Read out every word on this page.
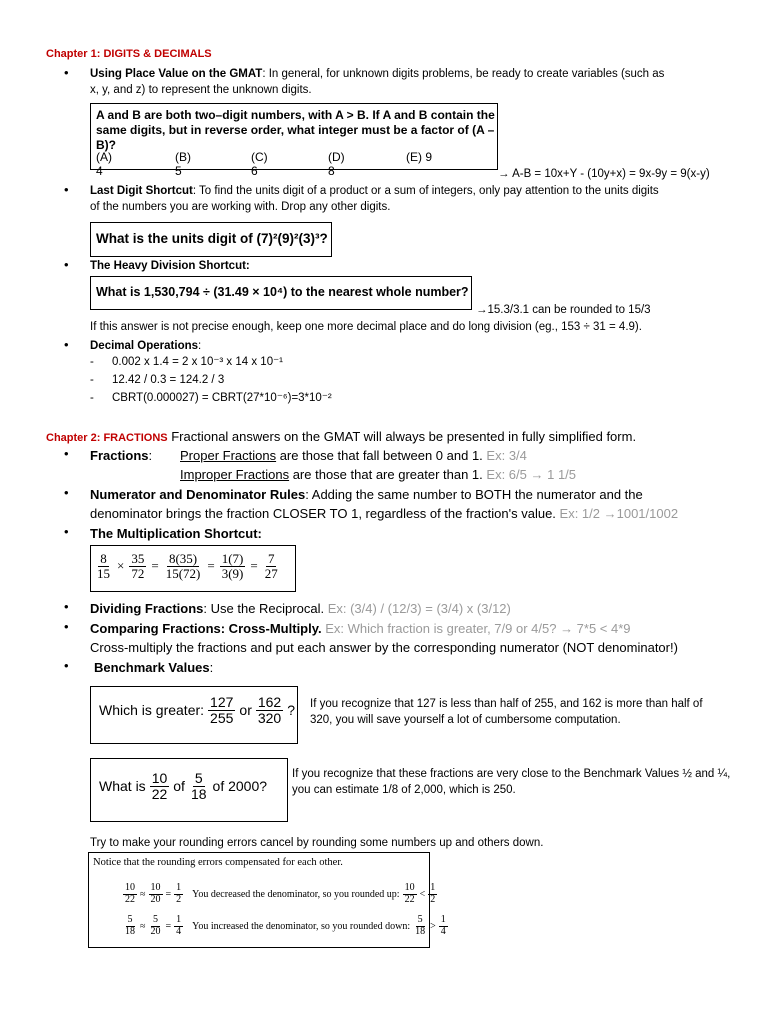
Chapter 1: DIGITS & DECIMALS
• Using Place Value on the GMAT: In general, for unknown digits problems, be ready to create variables (such as
x, y, and z) to represent the unknown digits.
A and B are both two–digit numbers, with A > B. If A and B contain the
same digits, but in reverse order, what integer must be a factor of (A – B)?
(A) 4
(B) 5
(C) 6
(D) 8
(E) 9
→ A-B = 10x+Y - (10y+x) = 9x-9y = 9(x-y)
• Last Digit Shortcut: To find the units digit of a product or a sum of integers, only pay attention to the units digits
of the numbers you are working with. Drop any other digits.
What is the units digit of (7)²(9)²(3)³?
• The Heavy Division Shortcut:
What is 1,530,794 ÷ (31.49 × 10⁴) to the nearest whole number?
→15.3/3.1 can be rounded to 15/3
If this answer is not precise enough, keep one more decimal place and do long division (eg., 153 ÷ 31 = 4.9).
• Decimal Operations:
- 0.002 x 1.4 = 2 x 10⁻³ x 14 x 10⁻¹
- 12.42 / 0.3 = 124.2 / 3
- CBRT(0.000027) = CBRT(27*10⁻⁶)=3*10⁻²
Chapter 2: FRACTIONS Fractional answers on the GMAT will always be presented in fully simplified form.
• Fractions: Proper Fractions are those that fall between 0 and 1. Ex: 3/4
Improper Fractions are those that are greater than 1. Ex: 6/5 → 1 1/5
• Numerator and Denominator Rules: Adding the same number to BOTH the numerator and the
denominator brings the fraction CLOSER TO 1, regardless of the fraction's value. Ex: 1/2 →1001/1002
• The Multiplication Shortcut:
$\frac{8}{15} \times \frac{35}{72} = \frac{8(35)}{15(72)} = \frac{1(7)}{3(9)} = \frac{7}{27}$
• Dividing Fractions: Use the Reciprocal. Ex: (3/4) / (12/3) = (3/4) x (3/12)
• Comparing Fractions: Cross-Multiply. Ex: Which fraction is greater, 7/9 or 4/5? → 7*5 < 4*9
Cross-multiply the fractions and put each answer by the corresponding numerator (NOT denominator!)
• Benchmark Values:
Which is greater: $\frac{127}{255}$ or $\frac{162}{320}$ ? If you recognize that 127 is less than half of 255, and 162 is more than half of 320, you will save yourself a lot of cumbersome computation.
What is $\frac{10}{22}$ of $\frac{5}{18}$ of 2000?
If you recognize that these fractions are very close to the Benchmark Values ½ and ¼, you can estimate 1/8 of 2,000, which is 250.
Try to make your rounding errors cancel by rounding some numbers up and others down.
Notice that the rounding errors compensated for each other.
$\frac{10}{22} \approx \frac{10}{20} = \frac{1}{2}$ You decreased the denominator, so you rounded up: $\frac{10}{22} < \frac{1}{2}$
$\frac{5}{18} \approx \frac{5}{20} = \frac{1}{4}$ You increased the denominator, so you rounded down: $\frac{5}{18} > \frac{1}{4}$
